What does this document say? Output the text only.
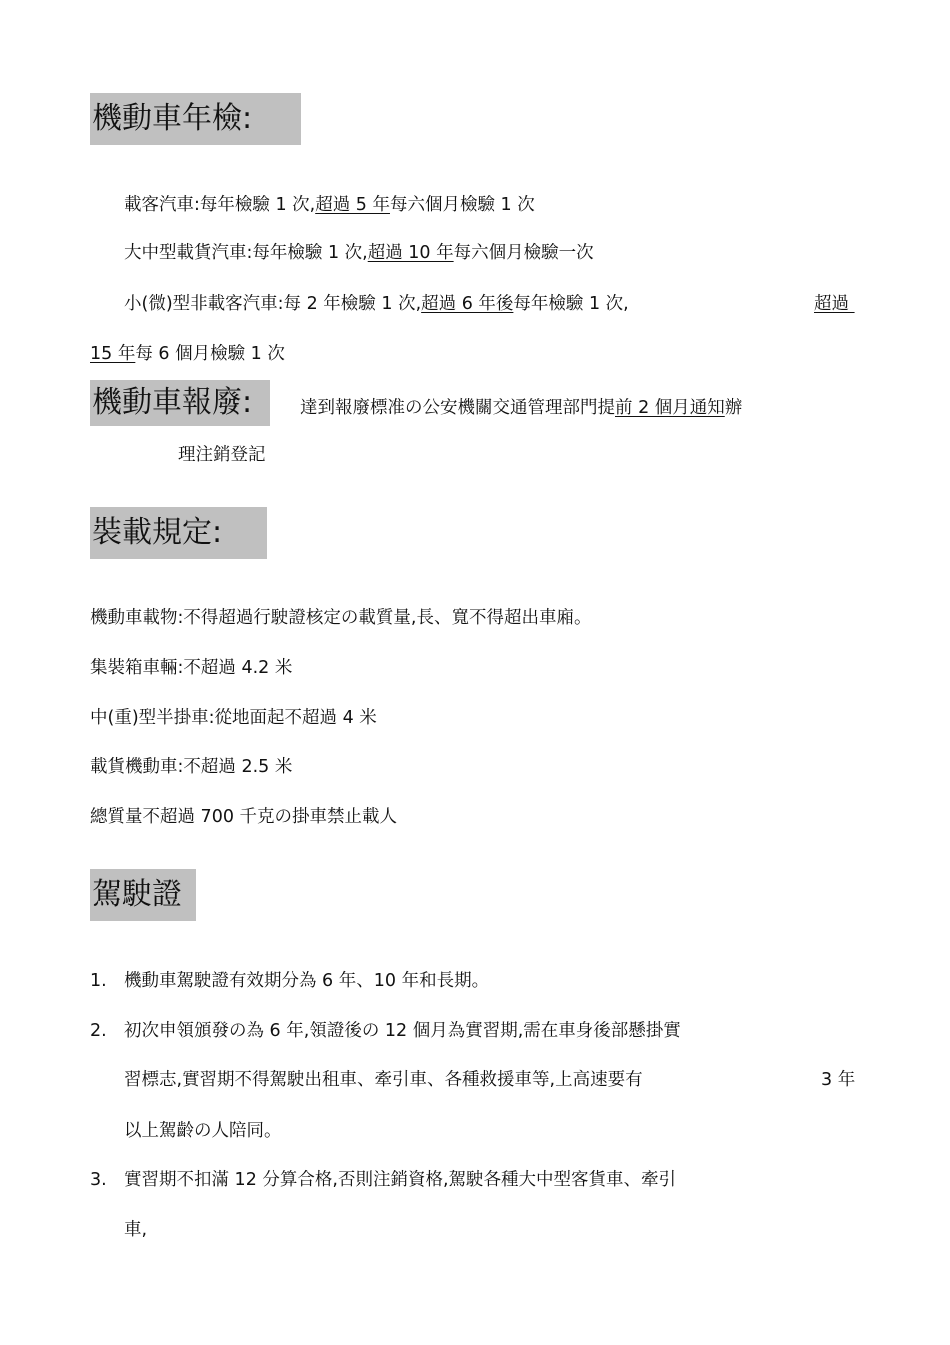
機動車年檢:
載客汽車:每年檢驗 1 次,超過 5 年每六個月檢驗 1 次
大中型載貨汽車:每年檢驗 1 次,超過 10 年每六個月檢驗一次
小(微)型非載客汽車:每 2 年檢驗 1 次,超過 6 年後每年檢驗 1 次,	超過
15 年每 6 個月檢驗 1 次
機動車報廢:	達到報廢標准の公安機關交通管理部門提前 2 個月通知辦
理注銷登記
裝載規定:
機動車載物:不得超過行駛證核定の載質量,長、寬不得超出車廂。
集裝箱車輛:不超過 4.2 米
中(重)型半掛車:從地面起不超過 4 米
載貨機動車:不超過 2.5 米
總質量不超過 700 千克の掛車禁止載人
駕駛證
1. 機動車駕駛證有效期分為 6 年、10 年和長期。
2. 初次申領頒發の為 6 年,領證後の 12 個月為實習期,需在車身後部懸掛實
習標志,實習期不得駕駛出租車、牽引車、各種救援車等,上高速要有	3 年
以上駕齡の人陪同。
3. 實習期不扣滿 12 分算合格,否則注銷資格,駕駛各種大中型客貨車、牽引
車,
